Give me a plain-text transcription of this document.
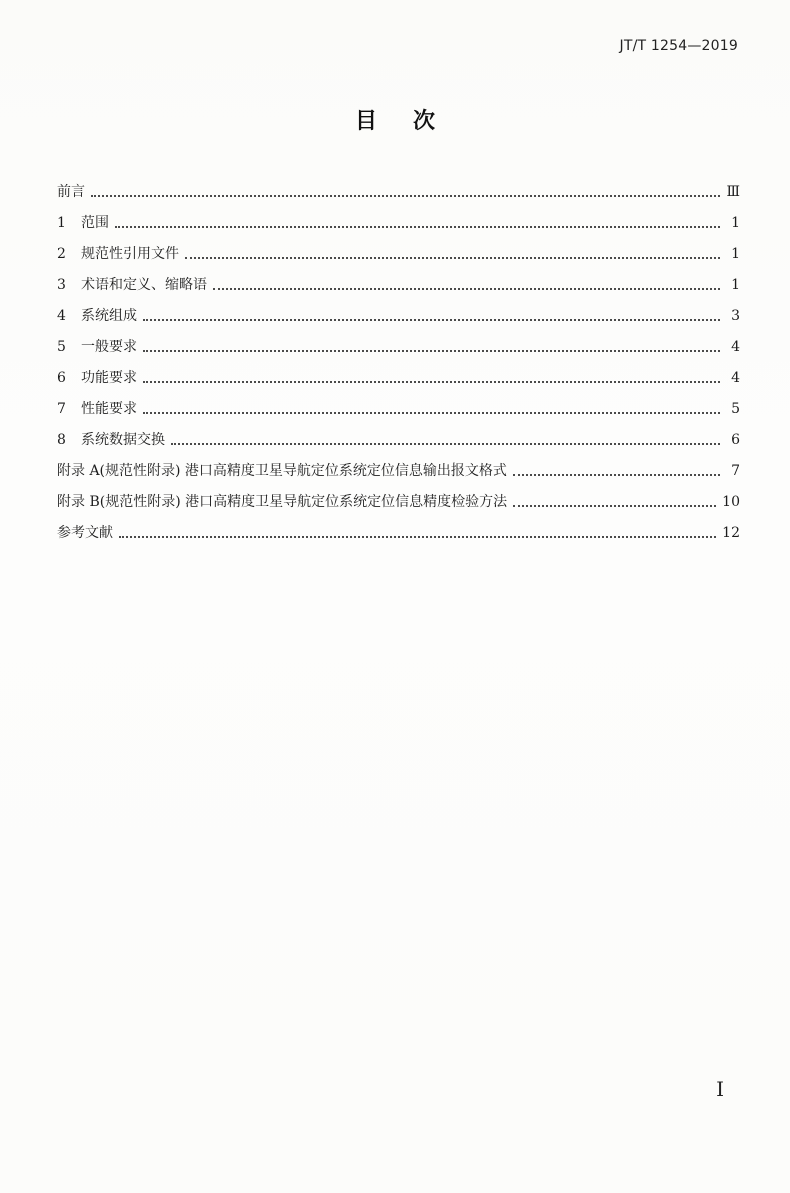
JT/T 1254—2019
目次
前言	Ⅲ
1	范围	1
2	规范性引用文件	1
3	术语和定义、缩略语	1
4	系统组成	3
5	一般要求	4
6	功能要求	4
7	性能要求	5
8	系统数据交换	6
附录 A(规范性附录) 港口高精度卫星导航定位系统定位信息输出报文格式	7
附录 B(规范性附录) 港口高精度卫星导航定位系统定位信息精度检验方法	10
参考文献	12
I
